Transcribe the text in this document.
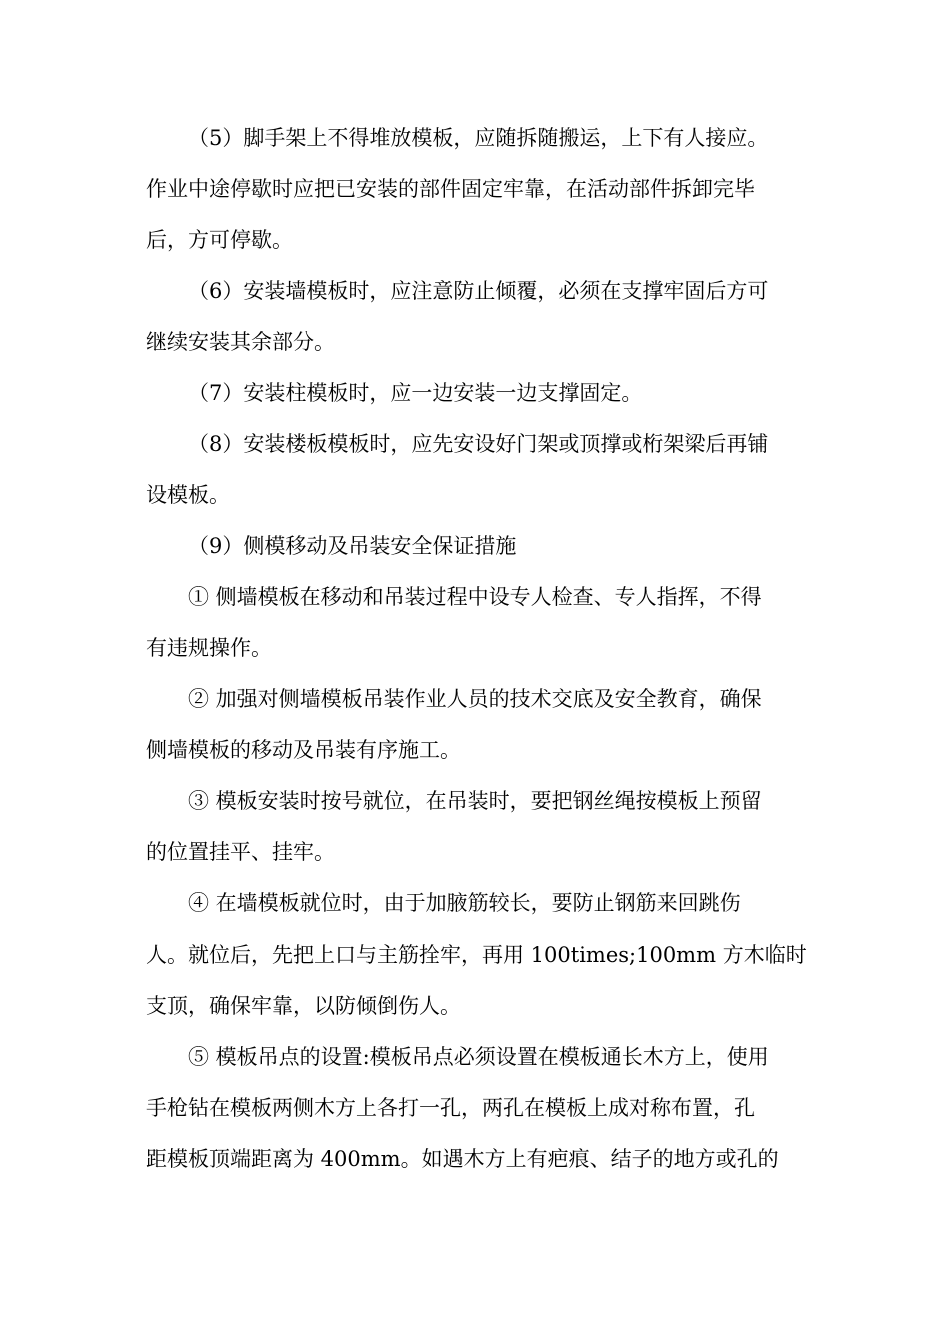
（5）脚手架上不得堆放模板，应随拆随搬运，上下有人接应。
作业中途停歇时应把已安装的部件固定牢靠，在活动部件拆卸完毕
后，方可停歇。
（6）安装墙模板时，应注意防止倾覆，必须在支撑牢固后方可
继续安装其余部分。
（7）安装柱模板时，应一边安装一边支撑固定。
（8）安装楼板模板时，应先安设好门架或顶撑或桁架梁后再铺
设模板。
（9）侧模移动及吊装安全保证措施
① 侧墙模板在移动和吊装过程中设专人检查、专人指挥，不得
有违规操作。
② 加强对侧墙模板吊装作业人员的技术交底及安全教育，确保
侧墙模板的移动及吊装有序施工。
③ 模板安装时按号就位，在吊装时，要把钢丝绳按模板上预留
的位置挂平、挂牢。
④ 在墙模板就位时，由于加腋筋较长，要防止钢筋来回跳伤
人。就位后，先把上口与主筋拴牢，再用 100times;100mm 方木临时
支顶，确保牢靠，以防倾倒伤人。
⑤ 模板吊点的设置:模板吊点必须设置在模板通长木方上，使用
手枪钻在模板两侧木方上各打一孔，两孔在模板上成对称布置，孔
距模板顶端距离为 400mm。如遇木方上有疤痕、结子的地方或孔的
